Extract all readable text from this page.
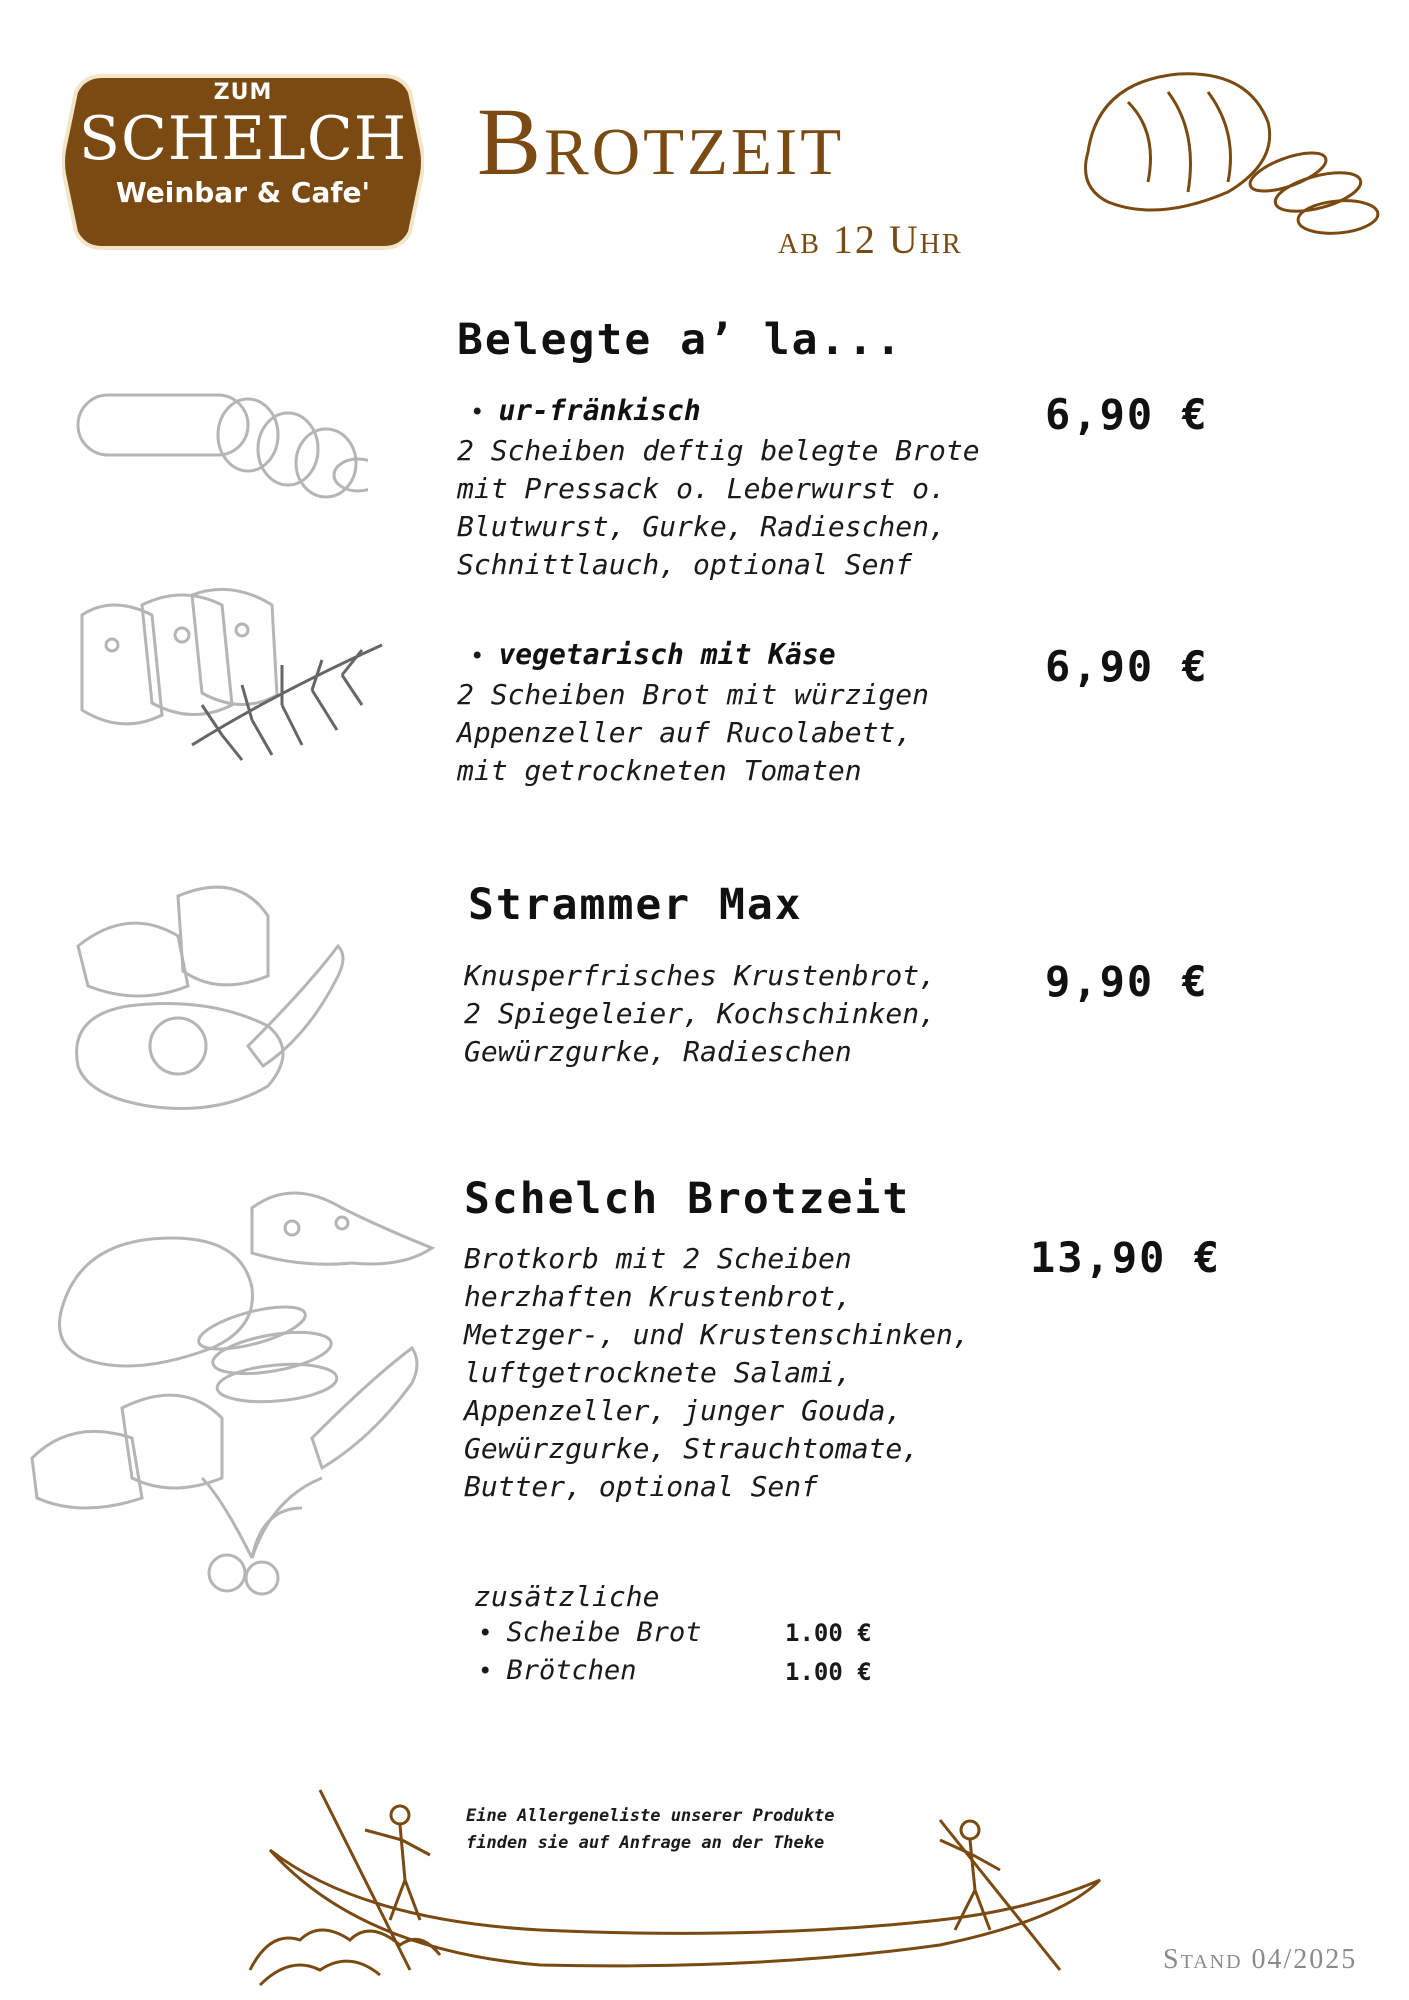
ZUM
SCHELCH
Weinbar & Cafe'	Brotzeit
ab 12 Uhr
Belegte a’ la...
• ur-fränkisch
2 Scheiben deftig belegte Brote
mit Pressack o. Leberwurst o.
Blutwurst, Gurke, Radieschen,
Schnittlauch, optional Senf
6,90 €
• vegetarisch mit Käse
2 Scheiben Brot mit würzigen
Appenzeller auf Rucolabett,
mit getrockneten Tomaten
6,90 €
Strammer Max
Knusperfrisches Krustenbrot,
2 Spiegeleier, Kochschinken,
Gewürzgurke, Radieschen
9,90 €
Schelch Brotzeit
Brotkorb mit 2 Scheiben
herzhaften Krustenbrot,
Metzger-, und Krustenschinken,
luftgetrocknete Salami,
Appenzeller, junger Gouda,
Gewürzgurke, Strauchtomate,
Butter, optional Senf
13,90 €
zusätzliche
• Scheibe Brot	1.00 €
• Brötchen	1.00 €
Eine Allergeneliste unserer Produkte
finden sie auf Anfrage an der Theke
Stand 04/2025
